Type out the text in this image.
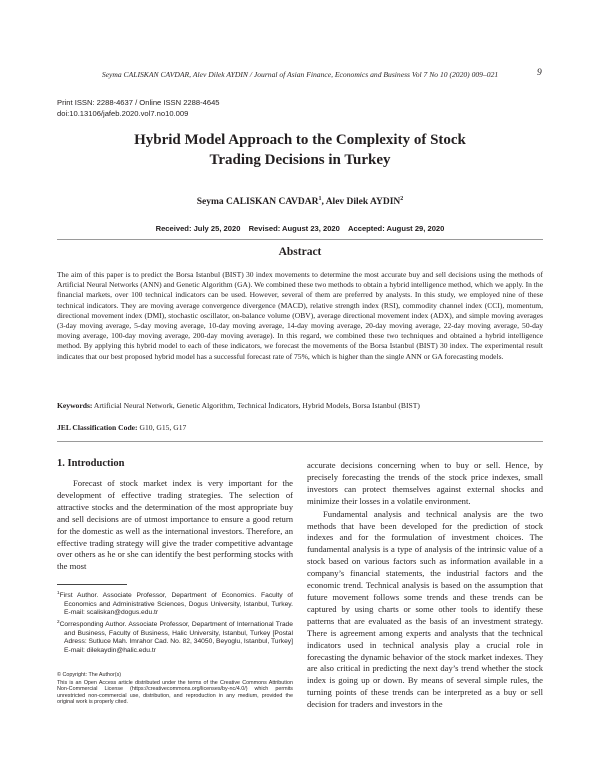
Seyma CALISKAN CAVDAR, Alev Dilek AYDIN / Journal of Asian Finance, Economics and Business Vol 7 No 10 (2020) 009–021	9
Print ISSN: 2288-4637 / Online ISSN 2288-4645
doi:10.13106/jafeb.2020.vol7.no10.009
Hybrid Model Approach to the Complexity of Stock
Trading Decisions in Turkey
Seyma CALISKAN CAVDAR$^1$, Alev Dilek AYDIN$^2$
Received: July 25, 2020 Revised: August 23, 2020 Accepted: August 29, 2020
Abstract
The aim of this paper is to predict the Borsa Istanbul (BIST) 30 index movements to determine the most accurate buy and sell decisions using the methods of Artificial Neural Networks (ANN) and Genetic Algorithm (GA). We combined these two methods to obtain a hybrid intelligence method, which we apply. In the financial markets, over 100 technical indicators can be used. However, several of them are preferred by analysts. In this study, we employed nine of these technical indicators. They are moving average convergence divergence (MACD), relative strength index (RSI), commodity channel index (CCI), momentum, directional movement index (DMI), stochastic oscillator, on-balance volume (OBV), average directional movement index (ADX), and simple moving averages (3-day moving average, 5-day moving average, 10-day moving average, 14-day moving average, 20-day moving average, 22-day moving average, 50-day moving average, 100-day moving average, 200-day moving average). In this regard, we combined these two techniques and obtained a hybrid intelligence method. By applying this hybrid model to each of these indicators, we forecast the movements of the Borsa Istanbul (BIST) 30 index. The experimental result indicates that our best proposed hybrid model has a successful forecast rate of 75%, which is higher than the single ANN or GA forecasting models.
Keywords: Artificial Neural Network, Genetic Algorithm, Technical İndicators, Hybrid Models, Borsa Istanbul (BIST)
JEL Classification Code: G10, G15, G17
1. Introduction

Forecast of stock market index is very important for the development of effective trading strategies. The selection of attractive stocks and the determination of the most appropriate buy and sell decisions are of utmost importance to ensure a good return for the domestic as well as the international investors. Therefore, an effective trading strategy will give the trader competitive advantage over others as he or she can identify the best performing stocks with the most

accurate decisions concerning when to buy or sell. Hence, by precisely forecasting the trends of the stock price indexes, small investors can protect themselves against external shocks and minimize their losses in a volatile environment.

Fundamental analysis and technical analysis are the two methods that have been developed for the prediction of stock indexes and for the formulation of investment choices. The fundamental analysis is a type of analysis of the intrinsic value of a stock based on various factors such as information available in a company’s financial statements, the industrial factors and the economic trend. Technical analysis is based on the assumption that future movement follows some trends and these trends can be captured by using charts or some other tools to identify these patterns that are evaluated as the basis of an investment strategy. There is agreement among experts and analysts that the technical indicators used in technical analysis play a crucial role in forecasting the dynamic behavior of the stock market indexes. They are also critical in predicting the next day’s trend whether the stock index is going up or down. By means of several simple rules, the turning points of these trends can be interpreted as a buy or sell decision for traders and investors in the

$^1$First Author. Associate Professor, Department of Economics. Faculty of Economics and Administrative Sciences, Dogus University, Istanbul, Turkey. E-mail: scaliskan@dogus.edu.tr
$^2$Corresponding Author. Associate Professor, Department of International Trade and Business, Faculty of Business, Halic University, Istanbul, Turkey [Postal Adress: Sutluce Mah. Imrahor Cad. No. 82, 34050, Beyoglu, Istanbul, Turkey] E-mail: dilekaydin@halic.edu.tr
© Copyright: The Author(s)
This is an Open Access article distributed under the terms of the Creative Commons Attribution Non-Commercial License (https://creativecommons.org/licenses/by-nc/4.0/) which permits unrestricted non-commercial use, distribution, and reproduction in any medium, provided the original work is properly cited.
